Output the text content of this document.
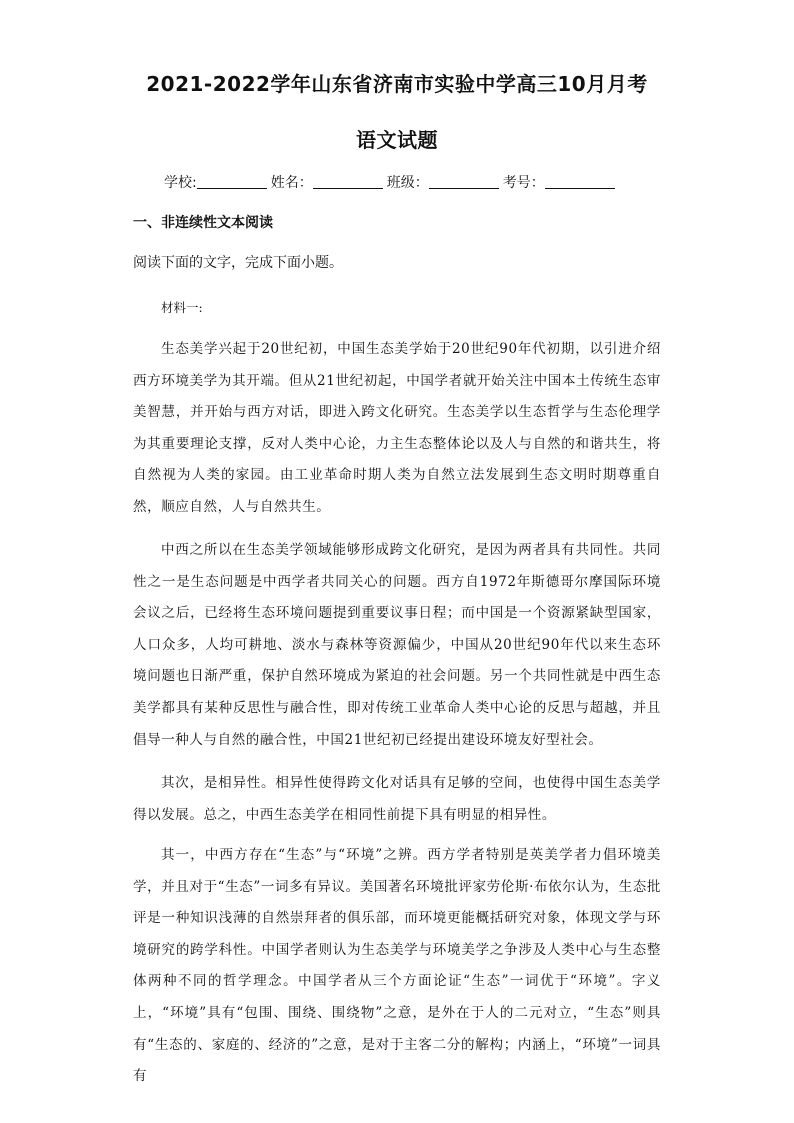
2021-2022学年山东省济南市实验中学高三10月月考
语文试题
学校:	姓名：	班级：	考号：
一、非连续性文本阅读
阅读下面的文字，完成下面小题。
材料一:

生态美学兴起于20世纪初，中国生态美学始于20世纪90年代初期，以引进介绍西方环境美学为其开端。但从21世纪初起，中国学者就开始关注中国本土传统生态审美智慧，并开始与西方对话，即进入跨文化研究。生态美学以生态哲学与生态伦理学为其重要理论支撑，反对人类中心论，力主生态整体论以及人与自然的和谐共生，将自然视为人类的家园。由工业革命时期人类为自然立法发展到生态文明时期尊重自然，顺应自然，人与自然共生。

中西之所以在生态美学领域能够形成跨文化研究，是因为两者具有共同性。共同性之一是生态问题是中西学者共同关心的问题。西方自1972年斯德哥尔摩国际环境会议之后，已经将生态环境问题提到重要议事日程；而中国是一个资源紧缺型国家，人口众多，人均可耕地、淡水与森林等资源偏少，中国从20世纪90年代以来生态环境问题也日渐严重，保护自然环境成为紧迫的社会问题。另一个共同性就是中西生态美学都具有某种反思性与融合性，即对传统工业革命人类中心论的反思与超越，并且倡导一种人与自然的融合性，中国21世纪初已经提出建设环境友好型社会。

其次，是相异性。相异性使得跨文化对话具有足够的空间，也使得中国生态美学得以发展。总之，中西生态美学在相同性前提下具有明显的相异性。

其一，中西方存在“生态”与“环境”之辨。西方学者特别是英美学者力倡环境美学，并且对于“生态”一词多有异议。美国著名环境批评家劳伦斯·布依尔认为，生态批评是一种知识浅薄的自然崇拜者的俱乐部，而环境更能概括研究对象，体现文学与环境研究的跨学科性。中国学者则认为生态美学与环境美学之争涉及人类中心与生态整体两种不同的哲学理念。中国学者从三个方面论证“生态”一词优于“环境”。字义上，“环境”具有“包围、围绕、围绕物”之意，是外在于人的二元对立，“生态”则具有“生态的、家庭的、经济的”之意，是对于主客二分的解构；内涵上，“环境”一词具有
